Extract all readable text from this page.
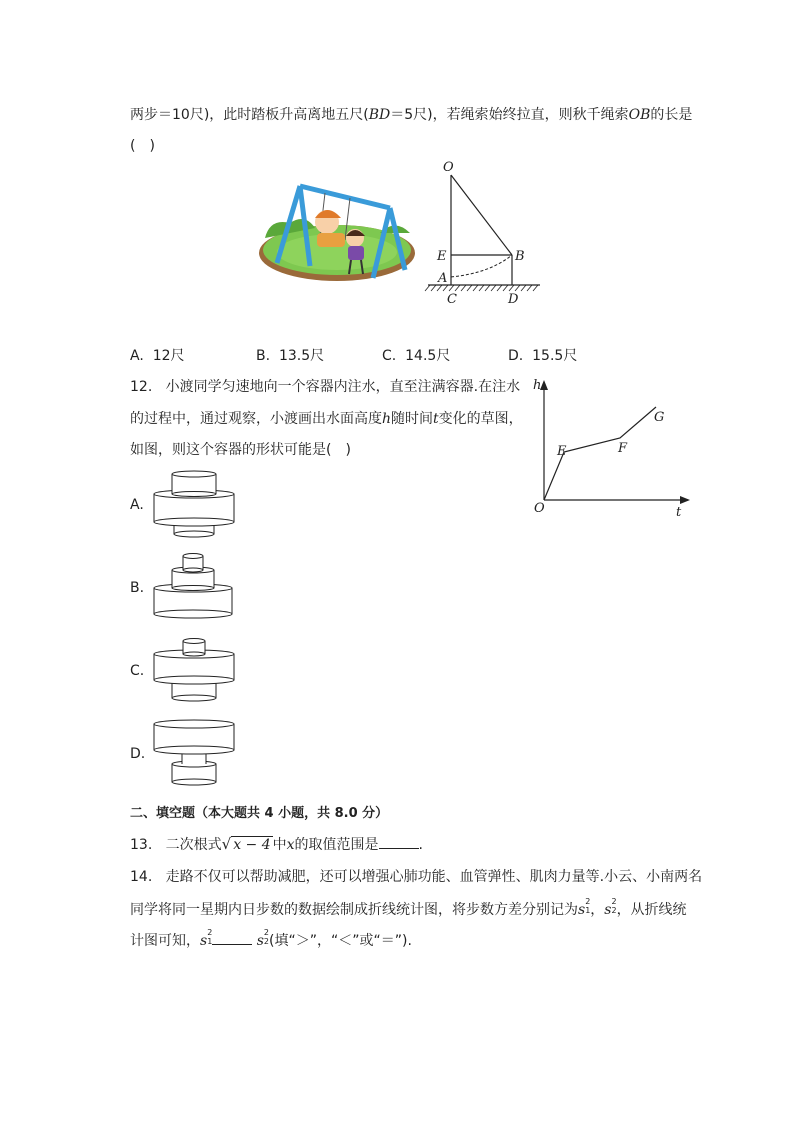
两步＝10尺)，此时踏板升高离地五尺(BD＝5尺)，若绳索始终拉直，则秋千绳索OB的长是
(　)
O
E	B
A
C	D
A. 12尺	B. 13.5尺	C. 14.5尺	D. 15.5尺
12. 小渡同学匀速地向一个容器内注水，直至注满容器.在注水
的过程中，通过观察，小渡画出水面高度h随时间t变化的草图，
如图，则这个容器的形状可能是(　)
h
t
O
E	F
G
A.
B.
C.
D.
二、填空题（本大题共 4 小题，共 8.0 分）
13. 二次根式√ x − 4 中x的取值范围是	.
14. 走路不仅可以帮助减肥，还可以增强心肺功能、血管弹性、肌肉力量等.小云、小南两名
同学将同一星期内日步数的数据绘制成折线统计图，将步数方差分别记为s2
1，s2
2，从折线统
计图可知，s2
1	s2
2(填“＞”，“＜”或“＝”).
